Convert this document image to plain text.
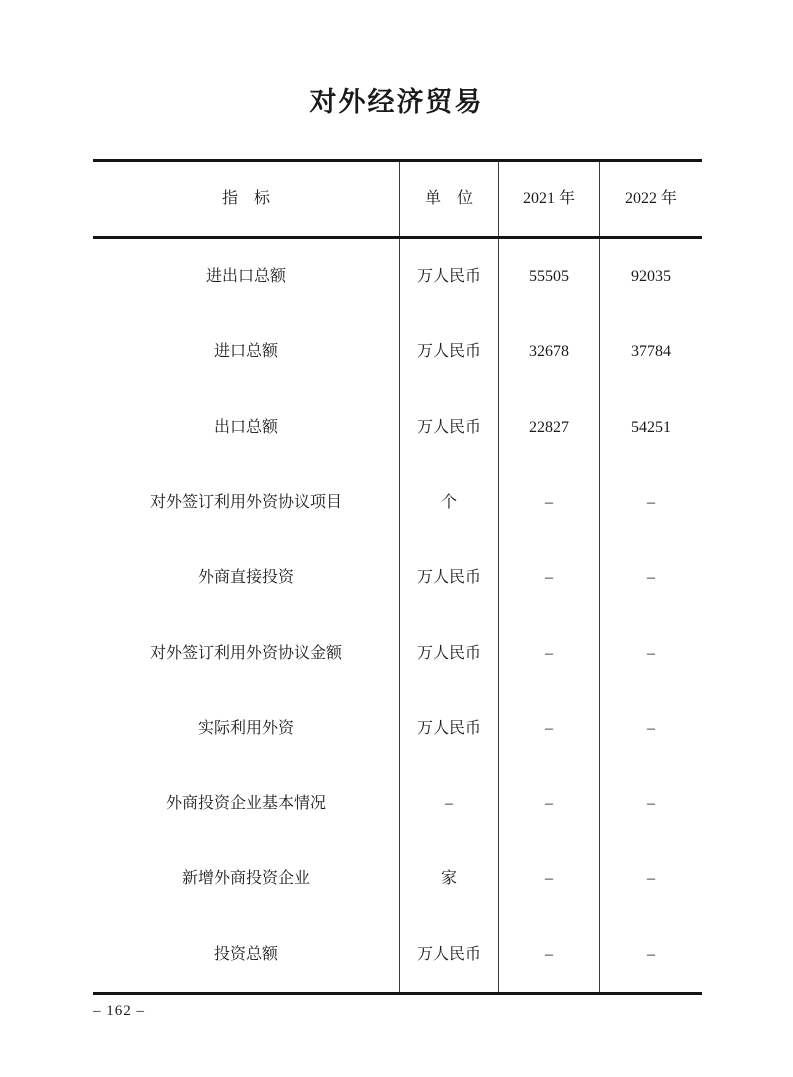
对外经济贸易
指　标	单　位	2021 年	2022 年
进出口总额	万人民币	55505	92035
进口总额	万人民币	32678	37784
出口总额	万人民币	22827	54251
对外签订利用外资协议项目	个	–	–
外商直接投资	万人民币	–	–
对外签订利用外资协议金额	万人民币	–	–
实际利用外资	万人民币	–	–
外商投资企业基本情况	–	–	–
新增外商投资企业	家	–	–
投资总额	万人民币	–	–
– 162 –
